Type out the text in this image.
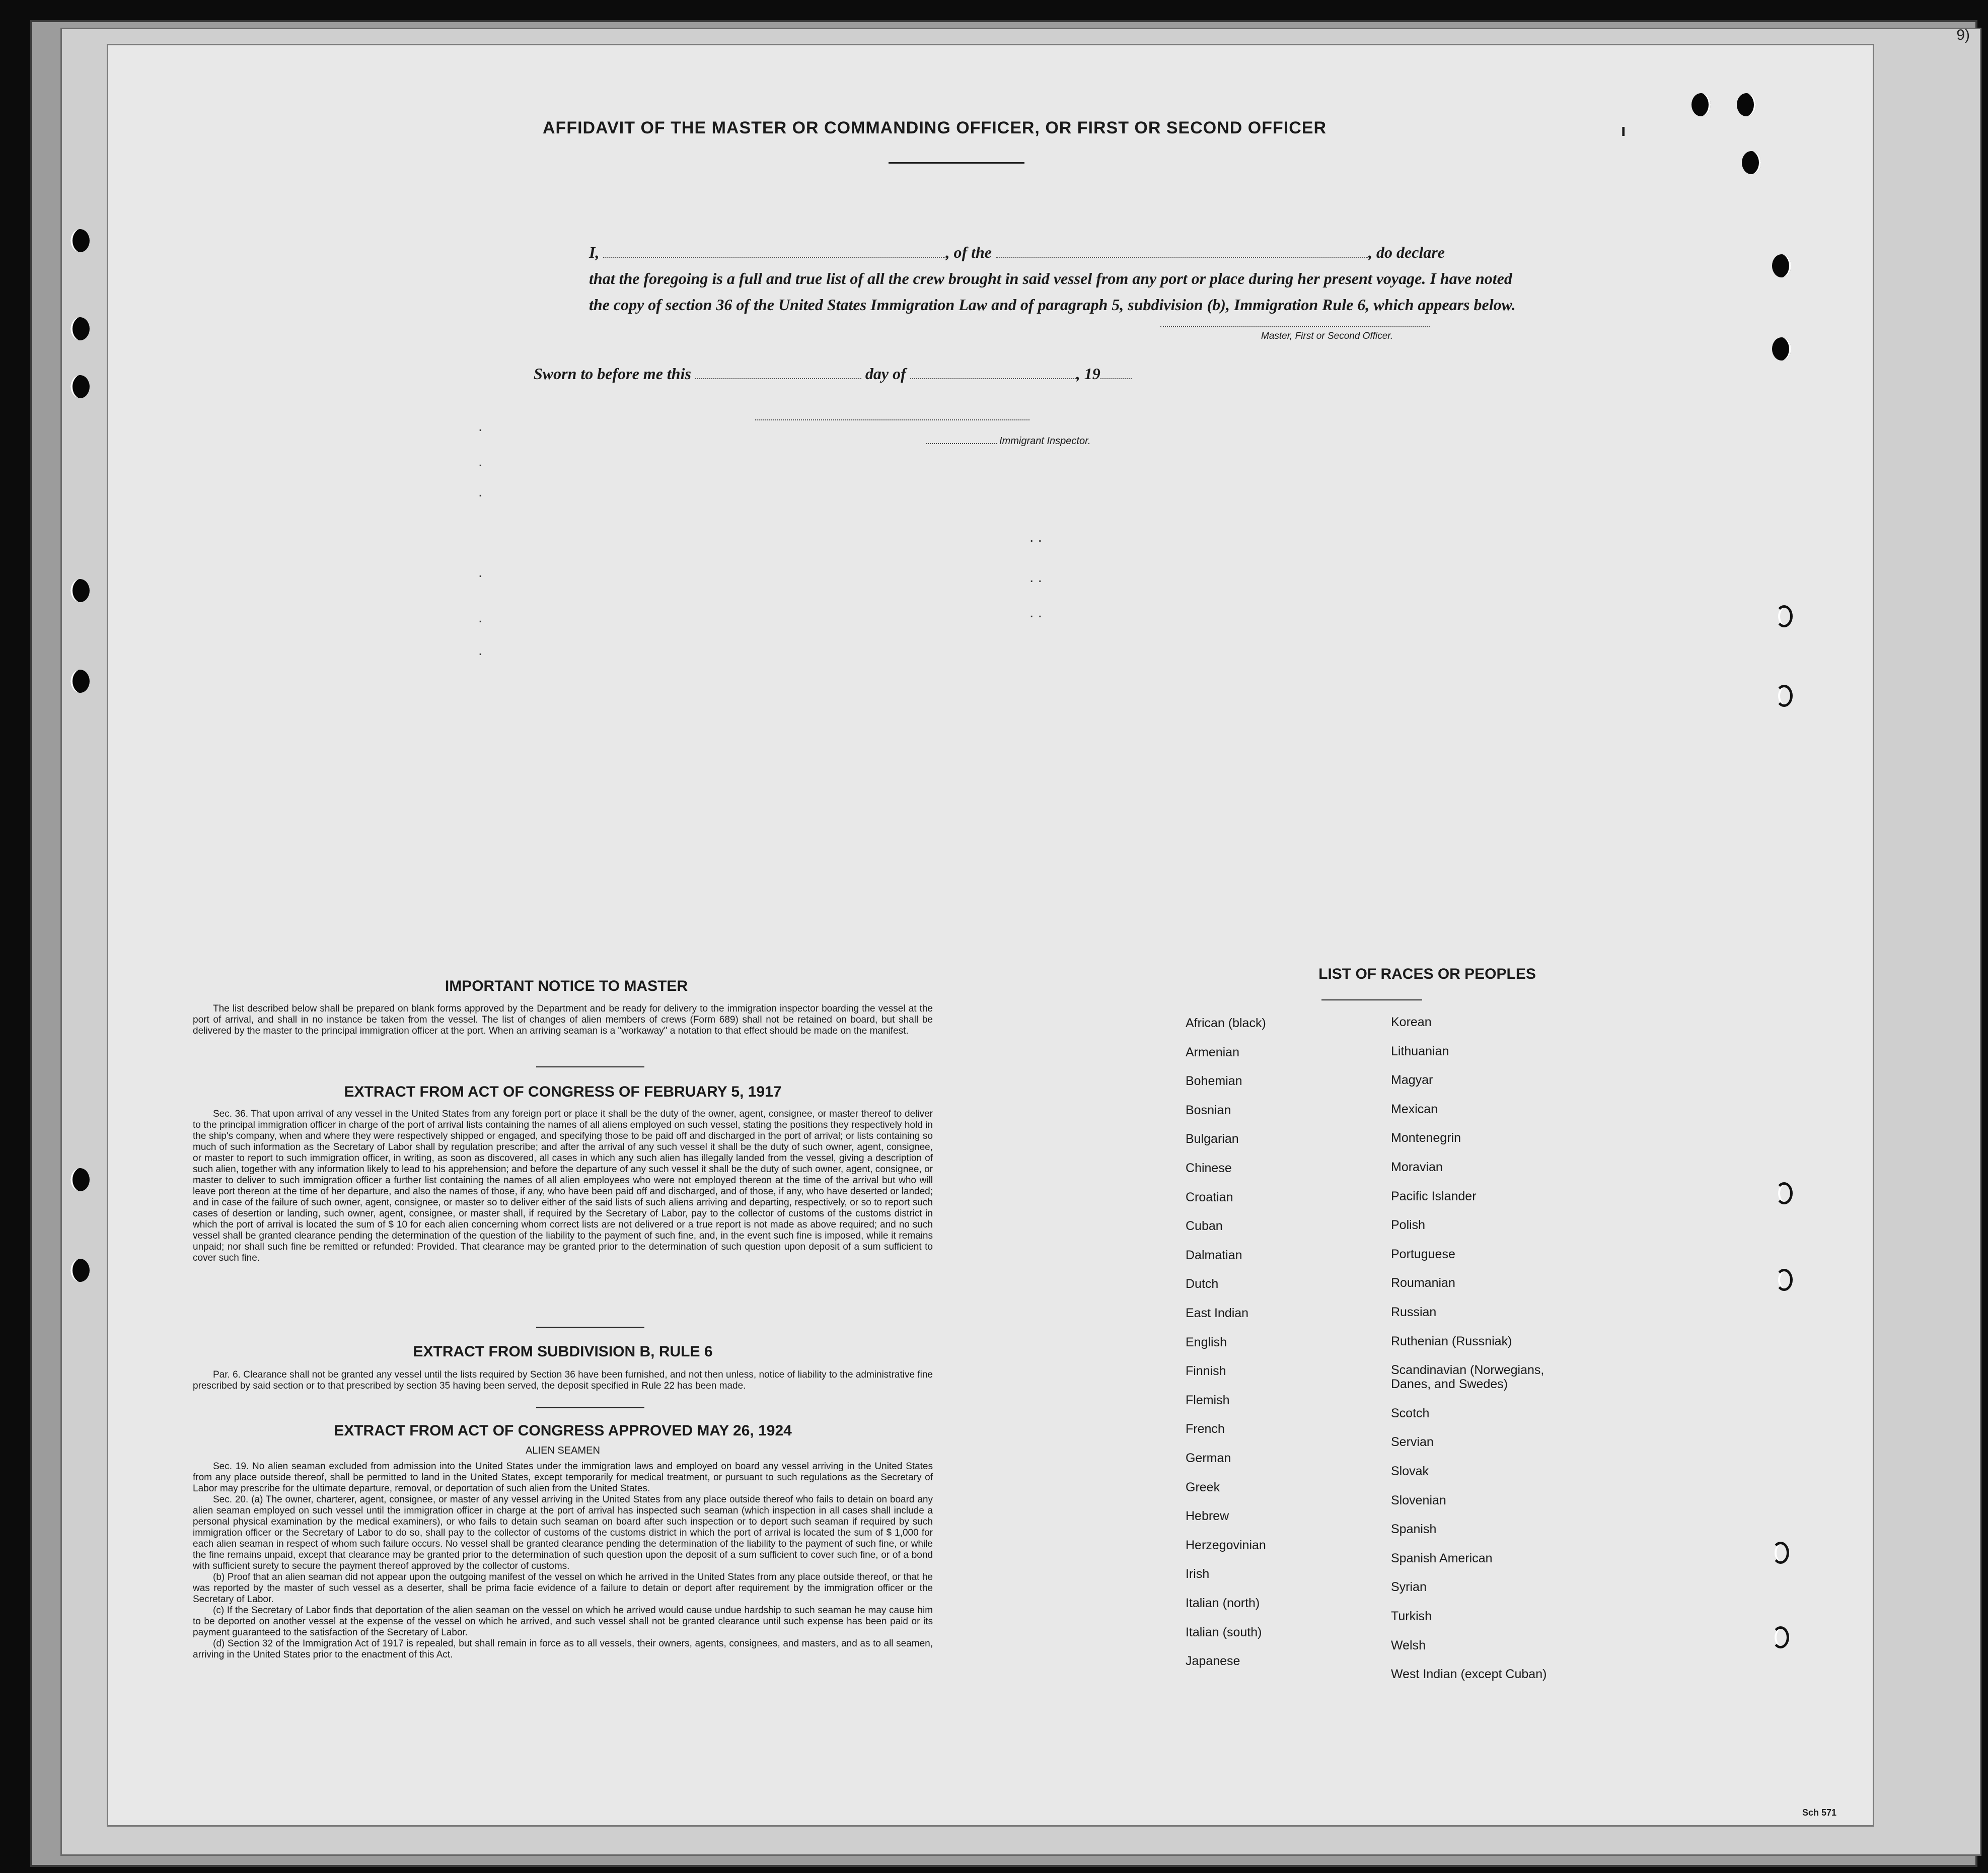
9)
AFFIDAVIT OF THE MASTER OR COMMANDING OFFICER, OR FIRST OR SECOND OFFICER
I,	, of the	, do declare
that the foregoing is a full and true list of all the crew brought in said vessel from any port or place during her present voyage. I have noted the copy of section 36 of the United States Immigration Law and of paragraph 5, subdivision (b), Immigration Rule 6, which appears below.
Master, First or Second Officer.
Sworn to before me this	day of	, 19
Immigrant Inspector.
.
.
.
.
.
.
. .
. .
. .
IMPORTANT NOTICE TO MASTER
The list described below shall be prepared on blank forms approved by the Department and be ready for delivery to the immigration inspector boarding the vessel at the port of arrival, and shall in no instance be taken from the vessel. The list of changes of alien members of crews (Form 689) shall not be retained on board, but shall be delivered by the master to the principal immigration officer at the port. When an arriving seaman is a "workaway" a notation to that effect should be made on the manifest.
EXTRACT FROM ACT OF CONGRESS OF FEBRUARY 5, 1917
Sec. 36. That upon arrival of any vessel in the United States from any foreign port or place it shall be the duty of the owner, agent, consignee, or master thereof to deliver to the principal immigration officer in charge of the port of arrival lists containing the names of all aliens employed on such vessel, stating the positions they respectively hold in the ship's company, when and where they were respectively shipped or engaged, and specifying those to be paid off and discharged in the port of arrival; or lists containing so much of such information as the Secretary of Labor shall by regulation prescribe; and after the arrival of any such vessel it shall be the duty of such owner, agent, consignee, or master to report to such immigration officer, in writing, as soon as discovered, all cases in which any such alien has illegally landed from the vessel, giving a description of such alien, together with any information likely to lead to his apprehension; and before the departure of any such vessel it shall be the duty of such owner, agent, consignee, or master to deliver to such immigration officer a further list containing the names of all alien employees who were not employed thereon at the time of the arrival but who will leave port thereon at the time of her departure, and also the names of those, if any, who have been paid off and discharged, and of those, if any, who have deserted or landed; and in case of the failure of such owner, agent, consignee, or master so to deliver either of the said lists of such aliens arriving and departing, respectively, or so to report such cases of desertion or landing, such owner, agent, consignee, or master shall, if required by the Secretary of Labor, pay to the collector of customs of the customs district in which the port of arrival is located the sum of $ 10 for each alien concerning whom correct lists are not delivered or a true report is not made as above required; and no such vessel shall be granted clearance pending the determination of the question of the liability to the payment of such fine, and, in the event such fine is imposed, while it remains unpaid; nor shall such fine be remitted or refunded: Provided. That clearance may be granted prior to the determination of such question upon deposit of a sum sufficient to cover such fine.
EXTRACT FROM SUBDIVISION B, RULE 6
Par. 6. Clearance shall not be granted any vessel until the lists required by Section 36 have been furnished, and not then unless, notice of liability to the administrative fine prescribed by said section or to that prescribed by section 35 having been served, the deposit specified in Rule 22 has been made.
EXTRACT FROM ACT OF CONGRESS APPROVED MAY 26, 1924
ALIEN SEAMEN
Sec. 19. No alien seaman excluded from admission into the United States under the immigration laws and employed on board any vessel arriving in the United States from any place outside thereof, shall be permitted to land in the United States, except temporarily for medical treatment, or pursuant to such regulations as the Secretary of Labor may prescribe for the ultimate departure, removal, or deportation of such alien from the United States.
Sec. 20. (a) The owner, charterer, agent, consignee, or master of any vessel arriving in the United States from any place outside thereof who fails to detain on board any alien seaman employed on such vessel until the immigration officer in charge at the port of arrival has inspected such seaman (which inspection in all cases shall include a personal physical examination by the medical examiners), or who fails to detain such seaman on board after such inspection or to deport such seaman if required by such immigration officer or the Secretary of Labor to do so, shall pay to the collector of customs of the customs district in which the port of arrival is located the sum of $ 1,000 for each alien seaman in respect of whom such failure occurs. No vessel shall be granted clearance pending the determination of the liability to the payment of such fine, or while the fine remains unpaid, except that clearance may be granted prior to the determination of such question upon the deposit of a sum sufficient to cover such fine, or of a bond with sufficient surety to secure the payment thereof approved by the collector of customs.
(b) Proof that an alien seaman did not appear upon the outgoing manifest of the vessel on which he arrived in the United States from any place outside thereof, or that he was reported by the master of such vessel as a deserter, shall be prima facie evidence of a failure to detain or deport after requirement by the immigration officer or the Secretary of Labor.
(c) If the Secretary of Labor finds that deportation of the alien seaman on the vessel on which he arrived would cause undue hardship to such seaman he may cause him to be deported on another vessel at the expense of the vessel on which he arrived, and such vessel shall not be granted clearance until such expense has been paid or its payment guaranteed to the satisfaction of the Secretary of Labor.
(d) Section 32 of the Immigration Act of 1917 is repealed, but shall remain in force as to all vessels, their owners, agents, consignees, and masters, and as to all seamen, arriving in the United States prior to the enactment of this Act.
LIST OF RACES OR PEOPLES
African (black)
Armenian
Bohemian
Bosnian
Bulgarian
Chinese
Croatian
Cuban
Dalmatian
Dutch
East Indian
English
Finnish
Flemish
French
German
Greek
Hebrew
Herzegovinian
Irish
Italian (north)
Italian (south)
Japanese
Korean
Lithuanian
Magyar
Mexican
Montenegrin
Moravian
Pacific Islander
Polish
Portuguese
Roumanian
Russian
Ruthenian (Russniak)
Scandinavian (Norwegians,
Danes, and Swedes)
Scotch
Servian
Slovak
Slovenian
Spanish
Spanish American
Syrian
Turkish
Welsh
West Indian (except Cuban)
Sch 571
ı
